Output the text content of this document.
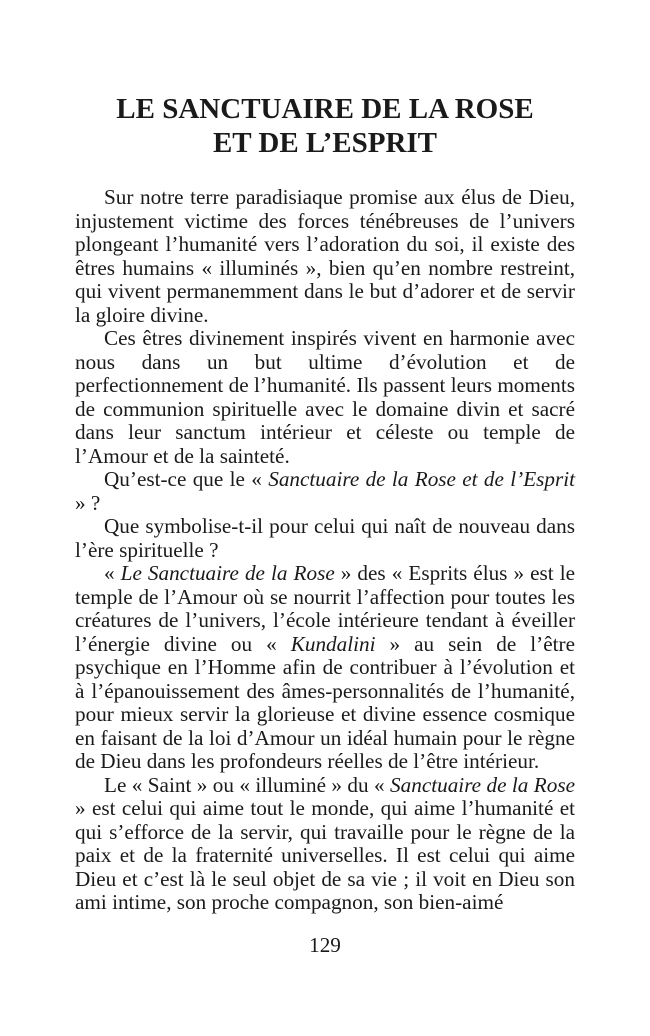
LE SANCTUAIRE DE LA ROSE
ET DE L’ESPRIT

Sur notre terre paradisiaque promise aux élus de Dieu, injustement victime des forces ténébreuses de l’univers plongeant l’humanité vers l’adoration du soi, il existe des êtres humains « illuminés », bien qu’en nombre restreint, qui vivent permanemment dans le but d’adorer et de servir la gloire divine.

Ces êtres divinement inspirés vivent en harmonie avec nous dans un but ultime d’évolution et de perfectionnement de l’humanité. Ils passent leurs moments de communion spirituelle avec le domaine divin et sacré dans leur sanctum intérieur et céleste ou temple de l’Amour et de la sainteté.

Qu’est-ce que le « Sanctuaire de la Rose et de l’Esprit » ?

Que symbolise-t-il pour celui qui naît de nouveau dans l’ère spirituelle ?

« Le Sanctuaire de la Rose » des « Esprits élus » est le temple de l’Amour où se nourrit l’affection pour toutes les créatures de l’univers, l’école intérieure tendant à éveiller l’énergie divine ou « Kundalini » au sein de l’être psychique en l’Homme afin de contribuer à l’évolution et à l’épanouissement des âmes-personnalités de l’humanité, pour mieux servir la glorieuse et divine essence cosmique en faisant de la loi d’Amour un idéal humain pour le règne de Dieu dans les profondeurs réelles de l’être intérieur.

Le « Saint » ou « illuminé » du « Sanctuaire de la Rose » est celui qui aime tout le monde, qui aime l’humanité et qui s’efforce de la servir, qui travaille pour le règne de la paix et de la fraternité universelles. Il est celui qui aime Dieu et c’est là le seul objet de sa vie ; il voit en Dieu son ami intime, son proche compagnon, son bien-aimé

129
